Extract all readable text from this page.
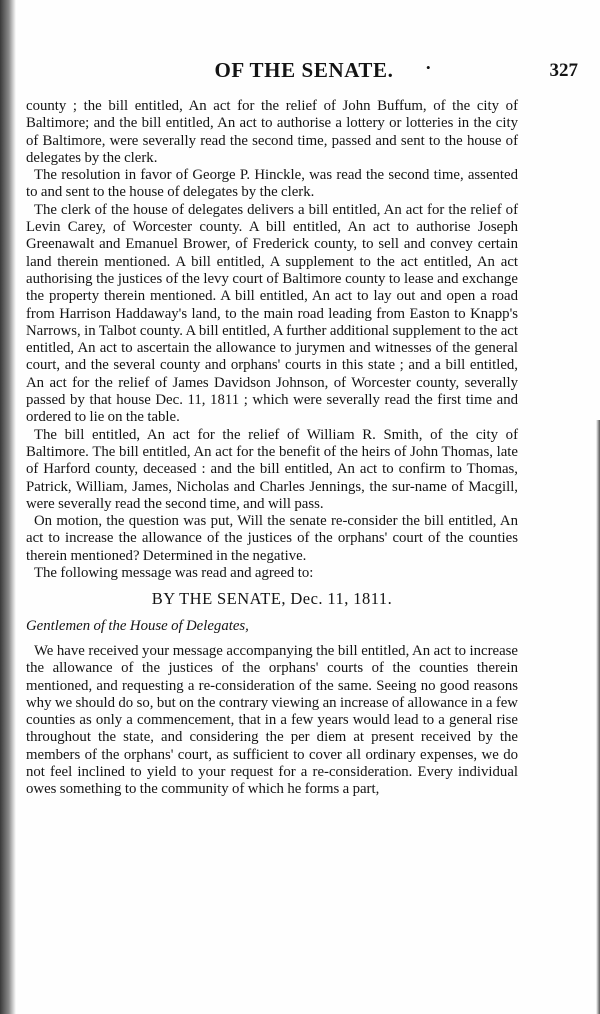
OF THE SENATE.	•	327

county ; the bill entitled, An act for the relief of John Buffum, of the city of Baltimore; and the bill entitled, An act to authorise a lottery or lotteries in the city of Baltimore, were severally read the second time, passed and sent to the house of delegates by the clerk.

The resolution in favor of George P. Hinckle, was read the second time, assented to and sent to the house of delegates by the clerk.

The clerk of the house of delegates delivers a bill entitled, An act for the relief of Levin Carey, of Worcester county. A bill entitled, An act to authorise Joseph Greenawalt and Emanuel Brower, of Frederick county, to sell and convey certain land therein mentioned. A bill entitled, A supplement to the act entitled, An act authorising the justices of the levy court of Baltimore county to lease and exchange the property therein mentioned. A bill entitled, An act to lay out and open a road from Harrison Haddaway's land, to the main road leading from Easton to Knapp's Narrows, in Talbot county. A bill entitled, A further additional supplement to the act entitled, An act to ascertain the allowance to jurymen and witnesses of the general court, and the several county and orphans' courts in this state ; and a bill entitled, An act for the relief of James Davidson Johnson, of Worcester county, severally passed by that house Dec. 11, 1811 ; which were severally read the first time and ordered to lie on the table.

The bill entitled, An act for the relief of William R. Smith, of the city of Baltimore. The bill entitled, An act for the benefit of the heirs of John Thomas, late of Harford county, deceased : and the bill entitled, An act to confirm to Thomas, Patrick, William, James, Nicholas and Charles Jennings, the sur-name of Macgill, were severally read the second time, and will pass.

On motion, the question was put, Will the senate re-consider the bill entitled, An act to increase the allowance of the justices of the orphans' court of the counties therein mentioned? Determined in the negative.

The following message was read and agreed to:

BY THE SENATE, Dec. 11, 1811.

Gentlemen of the House of Delegates,

We have received your message accompanying the bill entitled, An act to increase the allowance of the justices of the orphans' courts of the counties therein mentioned, and requesting a re-consideration of the same. Seeing no good reasons why we should do so, but on the contrary viewing an increase of allowance in a few counties as only a commencement, that in a few years would lead to a general rise throughout the state, and considering the per diem at present received by the members of the orphans' court, as sufficient to cover all ordinary expenses, we do not feel inclined to yield to your request for a re-consideration. Every individual owes something to the community of which he forms a part,
